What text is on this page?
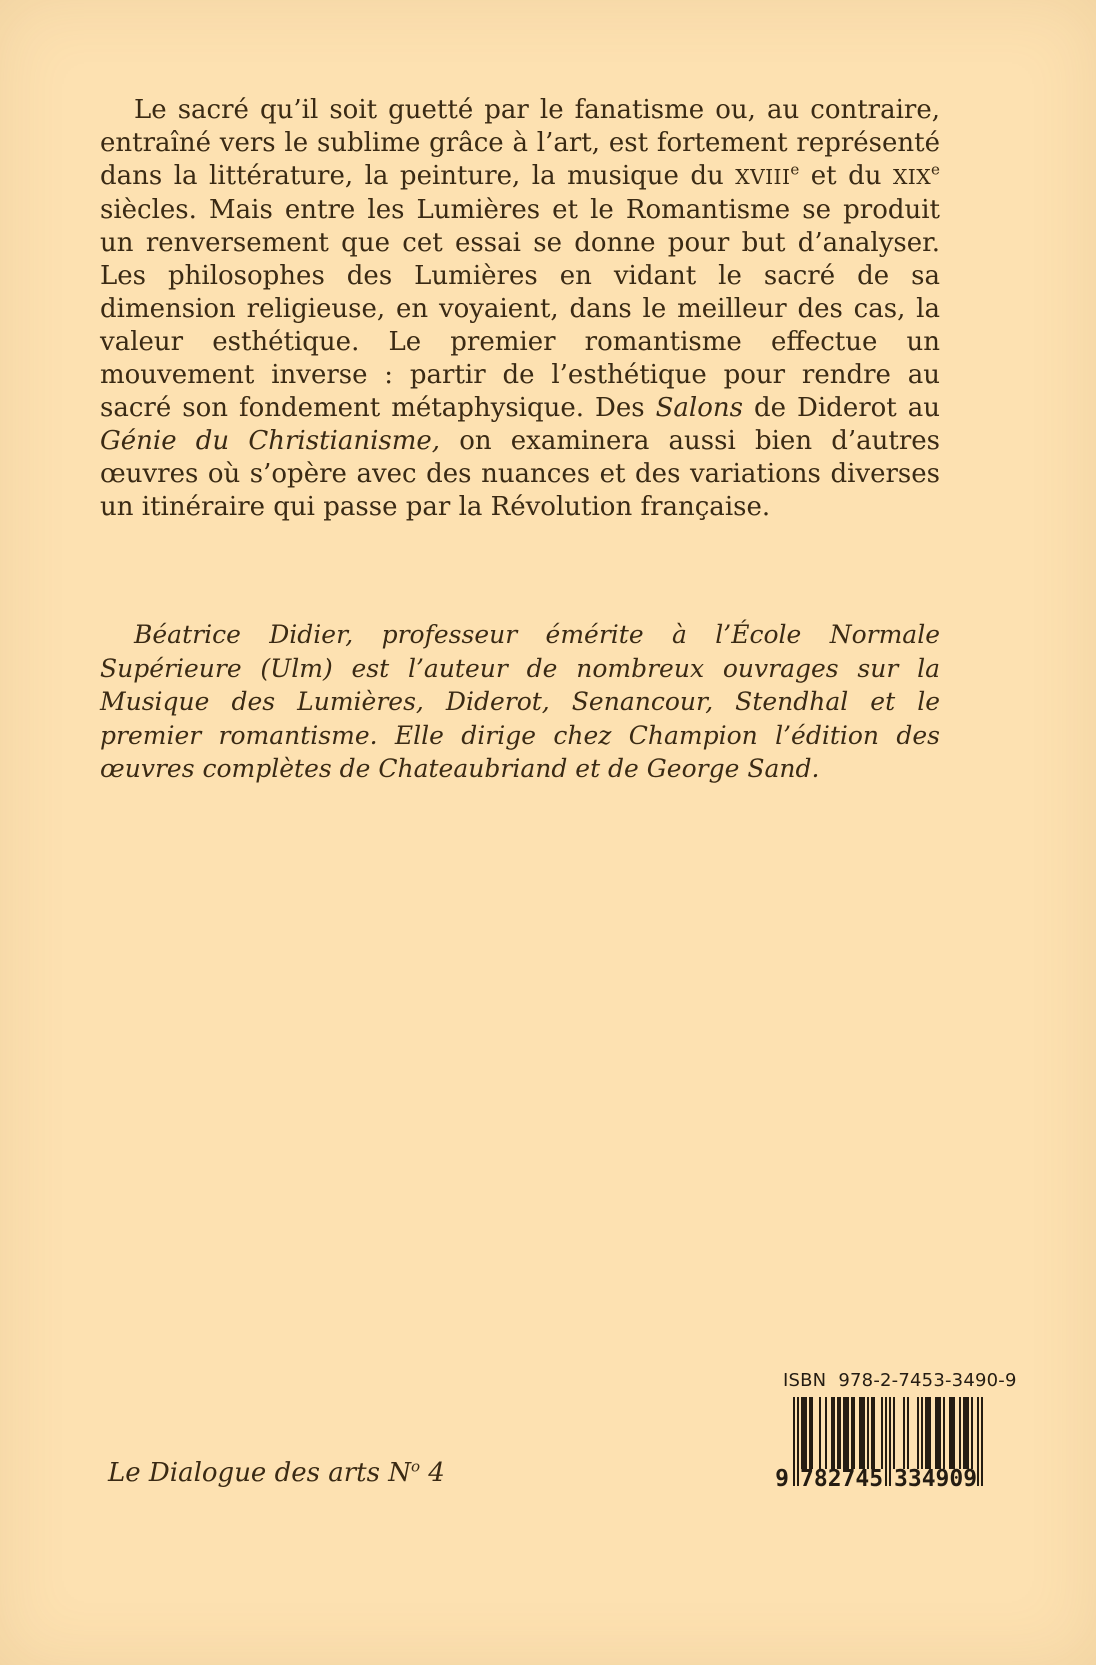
Le sacré qu’il soit guetté par le fanatisme ou, au contraire, entraîné vers le sublime grâce à l’art, est fortement représenté dans la littérature, la peinture, la musique du XVIIIe et du XIXe siècles. Mais entre les Lumières et le Romantisme se produit un renversement que cet essai se donne pour but d’analyser. Les philosophes des Lumières en vidant le sacré de sa dimension religieuse, en voyaient, dans le meilleur des cas, la valeur esthétique. Le premier romantisme effectue un mouvement inverse : partir de l’esthétique pour rendre au sacré son fondement métaphysique. Des Salons de Diderot au Génie du Christianisme, on examinera aussi bien d’autres œuvres où s’opère avec des nuances et des variations diverses un itinéraire qui passe par la Révolution française.

Béatrice Didier, professeur émérite à l’École Normale Supérieure (Ulm) est l’auteur de nombreux ouvrages sur la Musique des Lumières, Diderot, Senancour, Stendhal et le premier romantisme. Elle dirige chez Champion l’édition des œuvres complètes de Chateaubriand et de George Sand.

Le Dialogue des arts $N^o$ 4

ISBN 978-2-7453-3490-9
9 782745 334909
